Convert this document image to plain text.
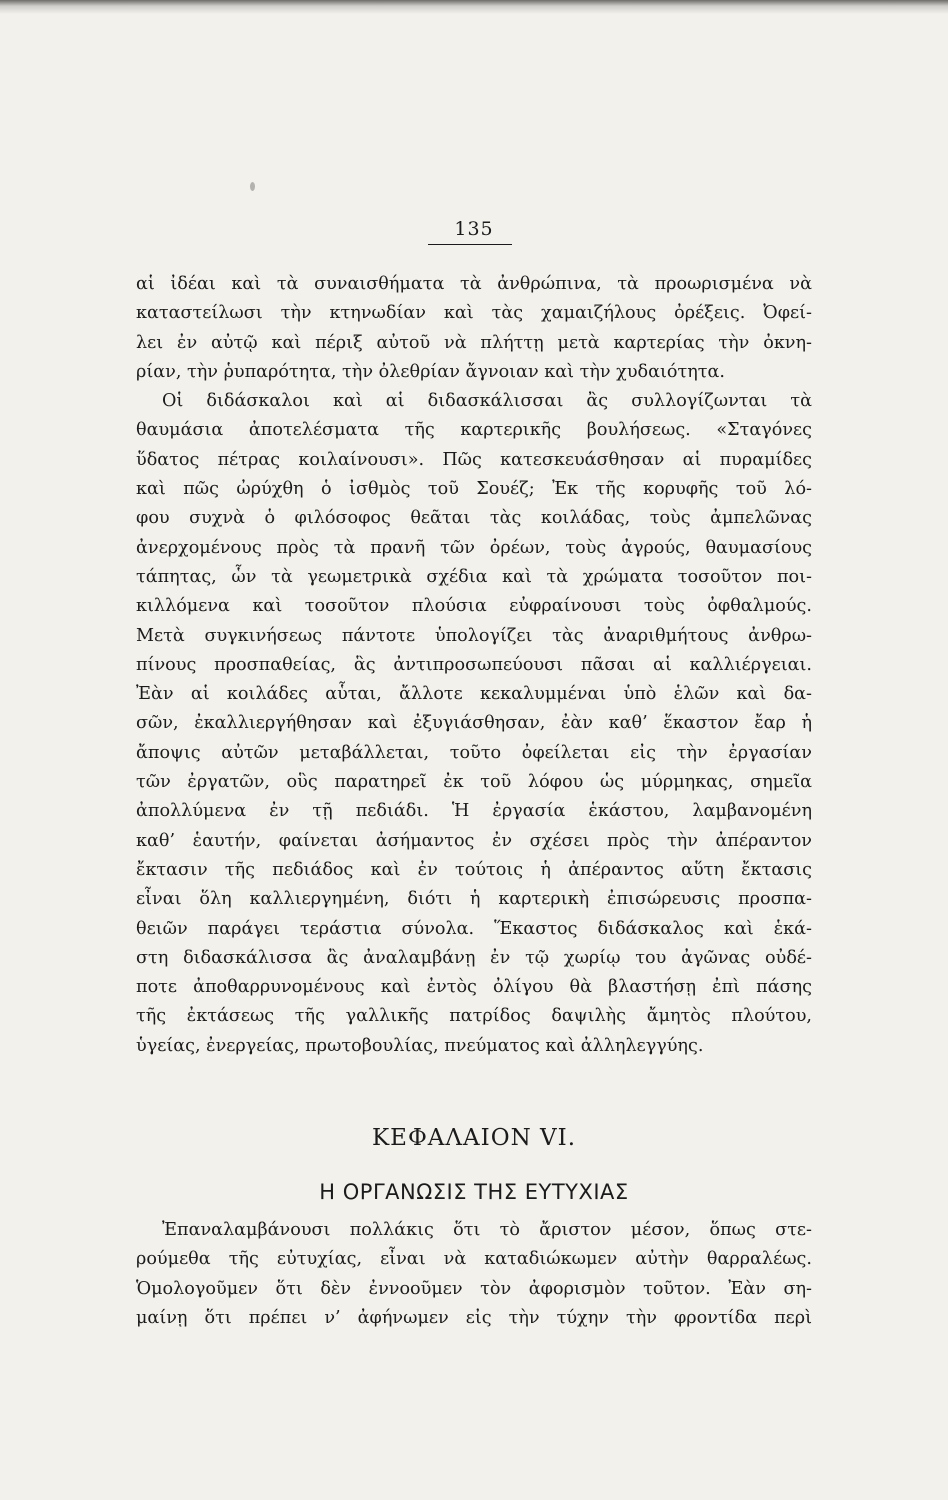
135
αἱ ἰδέαι καὶ τὰ συναισθήματα τὰ ἀνθρώπινα, τὰ προωρισμένα νὰ
καταστείλωσι τὴν κτηνωδίαν καὶ τὰς χαμαιζήλους ὀρέξεις. Ὀφεί-
λει ἐν αὐτῷ καὶ πέριξ αὐτοῦ νὰ πλήττῃ μετὰ καρτερίας τὴν ὀκνη-
ρίαν, τὴν ῥυπαρότητα, τὴν ὀλεθρίαν ἄγνοιαν καὶ τὴν χυδαιότητα.
Οἱ διδάσκαλοι καὶ αἱ διδασκάλισσαι ἂς συλλογίζωνται τὰ
θαυμάσια ἀποτελέσματα τῆς καρτερικῆς βουλήσεως. «Σταγόνες
ὕδατος πέτρας κοιλαίνουσι». Πῶς κατεσκευάσθησαν αἱ πυραμίδες
καὶ πῶς ὠρύχθη ὁ ἰσθμὸς τοῦ Σουέζ; Ἐκ τῆς κορυφῆς τοῦ λό-
φου συχνὰ ὁ φιλόσοφος θεᾶται τὰς κοιλάδας, τοὺς ἀμπελῶνας
ἀνερχομένους πρὸς τὰ πρανῆ τῶν ὀρέων, τοὺς ἀγρούς, θαυμασίους
τάπητας, ὧν τὰ γεωμετρικὰ σχέδια καὶ τὰ χρώματα τοσοῦτον ποι-
κιλλόμενα καὶ τοσοῦτον πλούσια εὐφραίνουσι τοὺς ὀφθαλμούς.
Μετὰ συγκινήσεως πάντοτε ὑπολογίζει τὰς ἀναριθμήτους ἀνθρω-
πίνους προσπαθείας, ἃς ἀντιπροσωπεύουσι πᾶσαι αἱ καλλιέργειαι.
Ἐὰν αἱ κοιλάδες αὗται, ἄλλοτε κεκαλυμμέναι ὑπὸ ἑλῶν καὶ δα-
σῶν, ἐκαλλιεργήθησαν καὶ ἐξυγιάσθησαν, ἐὰν καθ’ ἕκαστον ἔαρ ἡ
ἄποψις αὐτῶν μεταβάλλεται, τοῦτο ὀφείλεται εἰς τὴν ἐργασίαν
τῶν ἐργατῶν, οὓς παρατηρεῖ ἐκ τοῦ λόφου ὡς μύρμηκας, σημεῖα
ἀπολλύμενα ἐν τῇ πεδιάδι. Ἡ ἐργασία ἑκάστου, λαμβανομένη
καθ’ ἑαυτήν, φαίνεται ἀσήμαντος ἐν σχέσει πρὸς τὴν ἀπέραντον
ἔκτασιν τῆς πεδιάδος καὶ ἐν τούτοις ἡ ἀπέραντος αὕτη ἔκτασις
εἶναι ὅλη καλλιεργημένη, διότι ἡ καρτερικὴ ἐπισώρευσις προσπα-
θειῶν παράγει τεράστια σύνολα. Ἕκαστος διδάσκαλος καὶ ἑκά-
στη διδασκάλισσα ἂς ἀναλαμβάνῃ ἐν τῷ χωρίῳ του ἀγῶνας οὐδέ-
ποτε ἀποθαρρυνομένους καὶ ἐντὸς ὀλίγου θὰ βλαστήσῃ ἐπὶ πάσης
τῆς ἐκτάσεως τῆς γαλλικῆς πατρίδος δαψιλὴς ἄμητὸς πλούτου,
ὑγείας, ἐνεργείας, πρωτοβουλίας, πνεύματος καὶ ἀλληλεγγύης.
ΚΕΦΑΛΑΙΟΝ VI.
Η ΟΡΓΑΝΩΣΙΣ ΤΗΣ ΕΥΤΥΧΙΑΣ
Ἐπαναλαμβάνουσι πολλάκις ὅτι τὸ ἄριστον μέσον, ὅπως στε-
ρούμεθα τῆς εὐτυχίας, εἶναι νὰ καταδιώκωμεν αὐτὴν θαρραλέως.
Ὁμολογοῦμεν ὅτι δὲν ἐννοοῦμεν τὸν ἀφορισμὸν τοῦτον. Ἐὰν ση-
μαίνῃ ὅτι πρέπει ν’ ἀφήνωμεν εἰς τὴν τύχην τὴν φροντίδα περὶ
